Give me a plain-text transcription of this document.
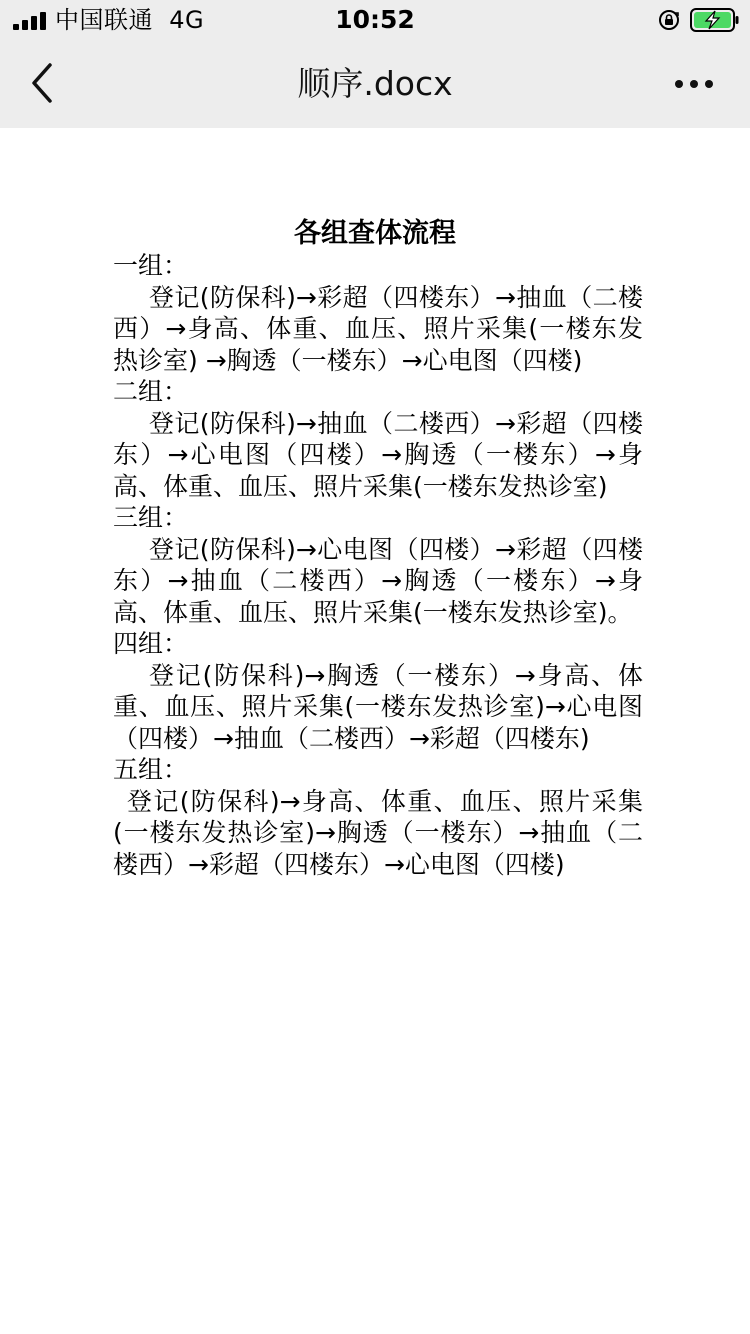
中国联通 4G	10:52
顺序.docx
各组查体流程

一组：

登记(防保科)→彩超（四楼东）→抽血（二楼西）→身高、体重、血压、照片采集(一楼东发热诊室) →胸透（一楼东）→心电图（四楼)

二组：

登记(防保科)→抽血（二楼西）→彩超（四楼东）→心电图（四楼）→胸透（一楼东）→身高、体重、血压、照片采集(一楼东发热诊室)

三组：

登记(防保科)→心电图（四楼）→彩超（四楼东）→抽血（二楼西）→胸透（一楼东）→身高、体重、血压、照片采集(一楼东发热诊室)。

四组：

登记(防保科)→胸透（一楼东）→身高、体重、血压、照片采集(一楼东发热诊室)→心电图（四楼）→抽血（二楼西）→彩超（四楼东)

五组：

登记(防保科)→身高、体重、血压、照片采集(一楼东发热诊室)→胸透（一楼东）→抽血（二楼西）→彩超（四楼东）→心电图（四楼)
